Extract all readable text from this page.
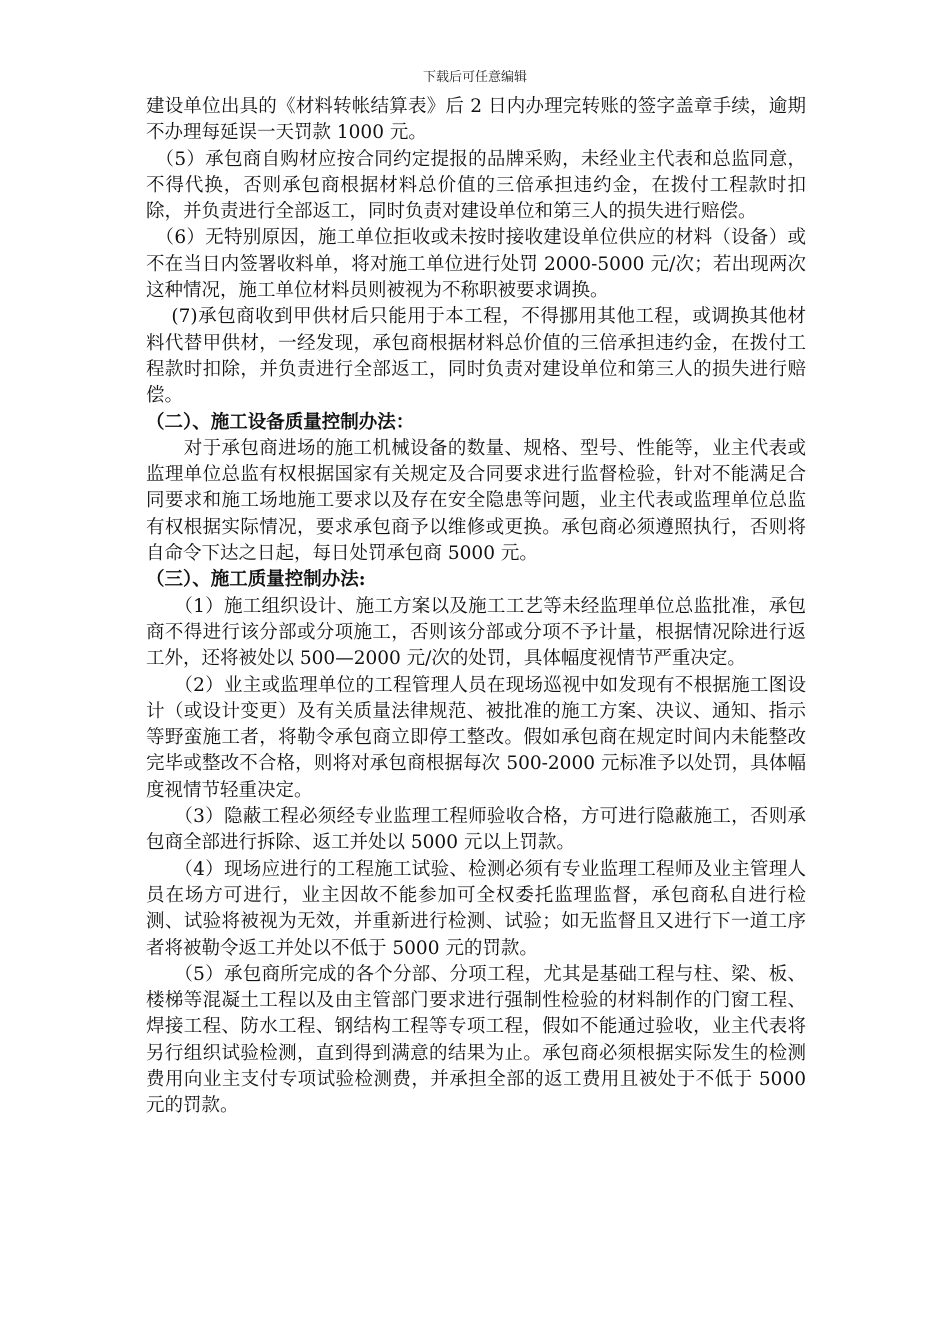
下载后可任意编辑

建设单位出具的《材料转帐结算表》后 2 日内办理完转账的签字盖章手续，逾期不办理每延误一天罚款 1000 元。

　（5）承包商自购材应按合同约定提报的品牌采购，未经业主代表和总监同意，不得代换，否则承包商根据材料总价值的三倍承担违约金，在拨付工程款时扣除，并负责进行全部返工，同时负责对建设单位和第三人的损失进行赔偿。

　（6）无特别原因，施工单位拒收或未按时接收建设单位供应的材料（设备）或不在当日内签署收料单，将对施工单位进行处罚 2000-5000 元/次；若出现两次这种情况，施工单位材料员则被视为不称职被要求调换。

　 (7)承包商收到甲供材后只能用于本工程，不得挪用其他工程，或调换其他材料代替甲供材，一经发现，承包商根据材料总价值的三倍承担违约金，在拨付工程款时扣除，并负责进行全部返工，同时负责对建设单位和第三人的损失进行赔偿。

（二）、施工设备质量控制办法：

　　对于承包商进场的施工机械设备的数量、规格、型号、性能等，业主代表或监理单位总监有权根据国家有关规定及合同要求进行监督检验，针对不能满足合同要求和施工场地施工要求以及存在安全隐患等问题，业主代表或监理单位总监有权根据实际情况，要求承包商予以维修或更换。承包商必须遵照执行，否则将自命令下达之日起，每日处罚承包商 5000 元。

（三）、施工质量控制办法:

　　（1）施工组织设计、施工方案以及施工工艺等未经监理单位总监批准，承包商不得进行该分部或分项施工，否则该分部或分项不予计量，根据情况除进行返工外，还将被处以 500—2000 元/次的处罚，具体幅度视情节严重决定。

　　（2）业主或监理单位的工程管理人员在现场巡视中如发现有不根据施工图设计（或设计变更）及有关质量法律规范、被批准的施工方案、决议、通知、指示等野蛮施工者，将勒令承包商立即停工整改。假如承包商在规定时间内未能整改完毕或整改不合格，则将对承包商根据每次 500-2000 元标准予以处罚，具体幅度视情节轻重决定。

　　（3）隐蔽工程必须经专业监理工程师验收合格，方可进行隐蔽施工，否则承包商全部进行拆除、返工并处以 5000 元以上罚款。

　　（4）现场应进行的工程施工试验、检测必须有专业监理工程师及业主管理人员在场方可进行，业主因故不能参加可全权委托监理监督，承包商私自进行检测、试验将被视为无效，并重新进行检测、试验；如无监督且又进行下一道工序者将被勒令返工并处以不低于 5000 元的罚款。

　　（5）承包商所完成的各个分部、分项工程，尤其是基础工程与柱、梁、板、楼梯等混凝土工程以及由主管部门要求进行强制性检验的材料制作的门窗工程、焊接工程、防水工程、钢结构工程等专项工程，假如不能通过验收，业主代表将另行组织试验检测，直到得到满意的结果为止。承包商必须根据实际发生的检测费用向业主支付专项试验检测费，并承担全部的返工费用且被处于不低于 5000 元的罚款。
